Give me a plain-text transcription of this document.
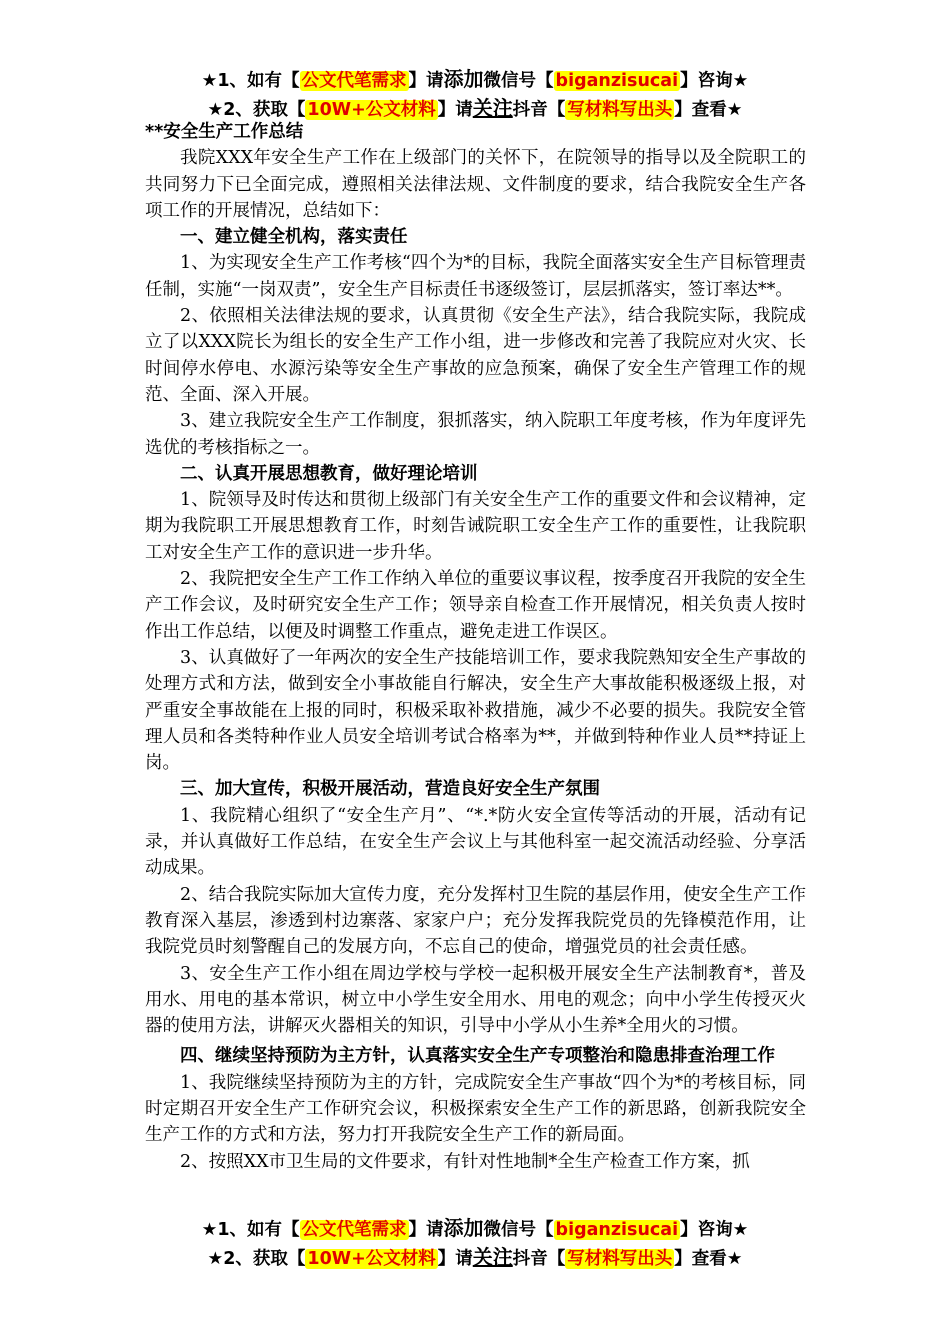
★1、如有【 公文代笔需求 】请添加微信号【 biganzisucai 】咨询★
★2、获取【 10W+公文材料 】请关注抖音【 写材料写出头 】查看★

**安全生产工作总结

我院XXX年安全生产工作在上级部门的关怀下，在院领导的指导以及全院职工的共同努力下已全面完成，遵照相关法律法规、文件制度的要求，结合我院安全生产各项工作的开展情况，总结如下：

一、建立健全机构，落实责任

1、为实现安全生产工作考核“四个为*的目标，我院全面落实安全生产目标管理责任制，实施“一岗双责”，安全生产目标责任书逐级签订，层层抓落实，签订率达**。

2、依照相关法律法规的要求，认真贯彻《安全生产法》，结合我院实际，我院成立了以XXX院长为组长的安全生产工作小组，进一步修改和完善了我院应对火灾、长时间停水停电、水源污染等安全生产事故的应急预案，确保了安全生产管理工作的规范、全面、深入开展。

3、建立我院安全生产工作制度，狠抓落实，纳入院职工年度考核，作为年度评先选优的考核指标之一。

二、认真开展思想教育，做好理论培训

1、院领导及时传达和贯彻上级部门有关安全生产工作的重要文件和会议精神，定期为我院职工开展思想教育工作，时刻告诫院职工安全生产工作的重要性，让我院职工对安全生产工作的意识进一步升华。

2、我院把安全生产工作工作纳入单位的重要议事议程，按季度召开我院的安全生产工作会议，及时研究安全生产工作；领导亲自检查工作开展情况，相关负责人按时作出工作总结，以便及时调整工作重点，避免走进工作误区。

3、认真做好了一年两次的安全生产技能培训工作，要求我院熟知安全生产事故的处理方式和方法，做到安全小事故能自行解决，安全生产大事故能积极逐级上报，对严重安全事故能在上报的同时，积极采取补救措施，减少不必要的损失。我院安全管理人员和各类特种作业人员安全培训考试合格率为**，并做到特种作业人员**持证上岗。

三、加大宣传，积极开展活动，营造良好安全生产氛围

1、我院精心组织了“安全生产月”、“*.*防火安全宣传等活动的开展，活动有记录，并认真做好工作总结，在安全生产会议上与其他科室一起交流活动经验、分享活动成果。

2、结合我院实际加大宣传力度，充分发挥村卫生院的基层作用，使安全生产工作教育深入基层，渗透到村边寨落、家家户户；充分发挥我院党员的先锋模范作用，让我院党员时刻警醒自己的发展方向，不忘自己的使命，增强党员的社会责任感。

3、安全生产工作小组在周边学校与学校一起积极开展安全生产法制教育*，普及用水、用电的基本常识，树立中小学生安全用水、用电的观念；向中小学生传授灭火器的使用方法，讲解灭火器相关的知识，引导中小学从小生养*全用火的习惯。

四、继续坚持预防为主方针，认真落实安全生产专项整治和隐患排查治理工作

1、我院继续坚持预防为主的方针，完成院安全生产事故“四个为*的考核目标，同时定期召开安全生产工作研究会议，积极探索安全生产工作的新思路，创新我院安全生产工作的方式和方法，努力打开我院安全生产工作的新局面。

2、按照XX市卫生局的文件要求，有针对性地制*全生产检查工作方案，抓

★1、如有【 公文代笔需求 】请添加微信号【 biganzisucai 】咨询★
★2、获取【 10W+公文材料 】请关注抖音【 写材料写出头 】查看★
